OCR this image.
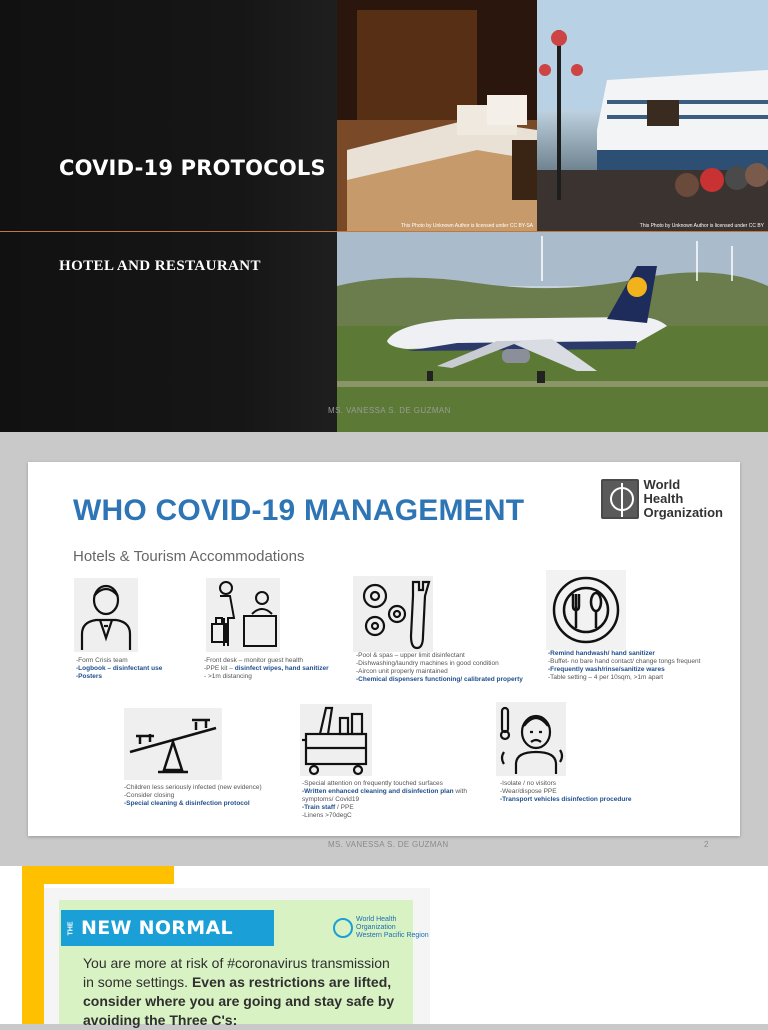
This Photo by Unknown Author is licensed under CC BY-SA	This Photo by Unknown Author is licensed under CC BY
COVID-19 PROTOCOLS
HOTEL AND RESTAURANT
MS. VANESSA S. DE GUZMAN
WHO COVID-19 MANAGEMENT
Hotels & Tourism Accommodations
World Health
Organization
-Form Crisis team
-Logbook – disinfectant use
-Posters
-Front desk – monitor guest health
-PPE kit – disinfect wipes, hand sanitizer
- >1m distancing
-Pool & spas – upper limit disinfectant
-Dishwashing/laundry machines in good condition
-Aircon unit properly maintained
-Chemical dispensers functioning/ calibrated property
-Remind handwash/ hand sanitizer
-Buffet- no bare hand contact/ change tongs frequent
-Frequently wash/rinse/sanitize wares
-Table setting – 4 per 10sqm, >1m apart
-Children less seriously infected (new evidence)
-Consider closing
-Special cleaning & disinfection protocol
-Special attention on frequently touched surfaces
-Written enhanced cleaning and disinfection plan with symptoms/ Covid19
-Train staff / PPE
-Linens >70degC
-Isolate / no visitors
-Wear/dispose PPE
-Transport vehicles disinfection procedure
MS. VANESSA S. DE GUZMAN	2
THE NEW NORMAL	World Health
Organization
Western Pacific Region

You are more at risk of #coronavirus transmission in some settings. Even as restrictions are lifted, consider where you are going and stay safe by avoiding the Three C's:
